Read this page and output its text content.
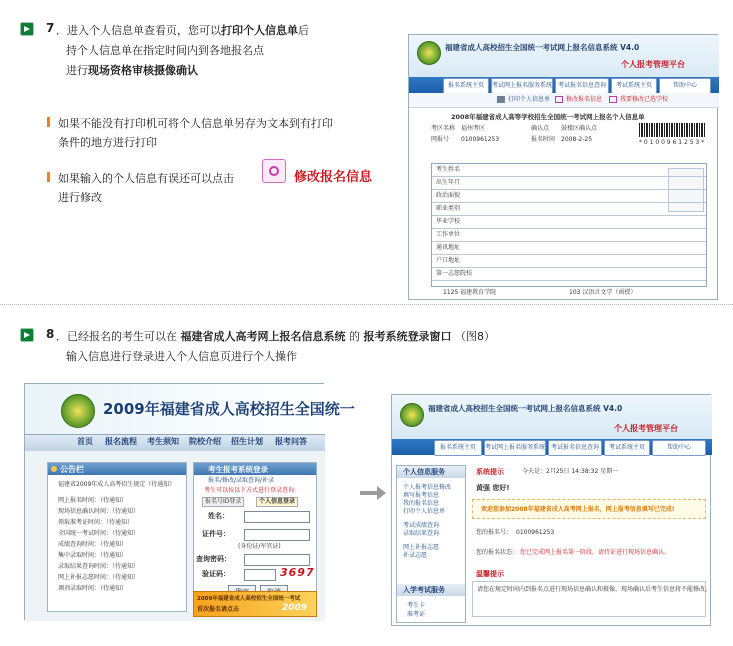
7 ．进入个人信息单查看页，您可以打印个人信息单后
持个人信息单在指定时间内到各地报名点
进行现场资格审核摄像确认
如果不能没有打印机可将个人信息单另存为文本到有打印
条件的地方进行打印
如果输入的个人信息有误还可以点击
进行修改
修改报名信息
福建省成人高校招生全国统一考试网上报名信息系统 V4.0
个人报考管理平台
报名系统主页	考试网上报名服务系统 考试报名信息查询	考试系统主页	帮助中心
打印个人信息单	修改报名信息	我要修改已选学校
2008年福建省成人高等学校招生全国统一考试网上报名个人信息单
考区名称 福州考区	确认点 鼓楼区确认点
网报号 0100961253	报名时间 2008-2-25	* 0 1 0 0 9 6 1 2 5 3 *
考生姓名
出生年月
政治面貌
职业类别
毕业学校
工作单位
通讯地址
户口地址
第一志愿院校
1125 福建教育学院	103 汉语言文学（函授）
8 ．已经报名的考生可以在 福建省成人高考网上报名信息系统 的 报考系统登录窗口 （图8）
输入信息进行登录进入个人信息页进行个人操作
2009年福建省成人高校招生全国统一
首页 报名流程 考生须知 院校介绍 招生计划 报考问答
公告栏
福建省2009年成人高考招生规定（待通知）
网上报名时间：（待通知）
现场信息确认时间：（待通知）
领取准考证时间：（待通知）
全国统一考试时间：（待通知）
成绩查询时间：（待通知）
集中录取时间：（待通知）
录取结果查询时间：（待通知）
网上补报志愿时间：（待通知）
调剂录取时间：（待通知）
考生报考系统登录
报名/修改/录取查询/补录
考生可以按以下方式进行登录查询:
报名号ID登录	个人信息登录
姓名：
证件号：
(身份证/军官证)
查询密码：
验证码：	3697
2009年福建省成人高校招生全国统一考试
首次报名请点击	2009
福建省成人高校招生全国统一考试网上报名信息系统 V4.0
个人报考管理平台
报名系统主页	考试网上报名服务系统 考试报名信息查询	考试系统主页	帮助中心
个人信息服务
个人报考信息修改
填写报考信息
我的报名信息
打印个人信息单
考试成绩查询
录取结果查询
网上补报志愿
补录志愿
入学考试服务
考生卡
准考证
系统提示	今天是：2月25日 14:38:32 星期一
黄强 您好!
欢迎您参加2008年福建省成人高考网上报名，网上报考信息填写已完成!
您的报名号： 0100961253
您的报名状态： 您已完成网上报名第一阶段，请持证进行现场信息确认。
温馨提示
请您在规定时间内到报名点进行现场信息确认和摄像，现场确认后考生信息将不能修改。
